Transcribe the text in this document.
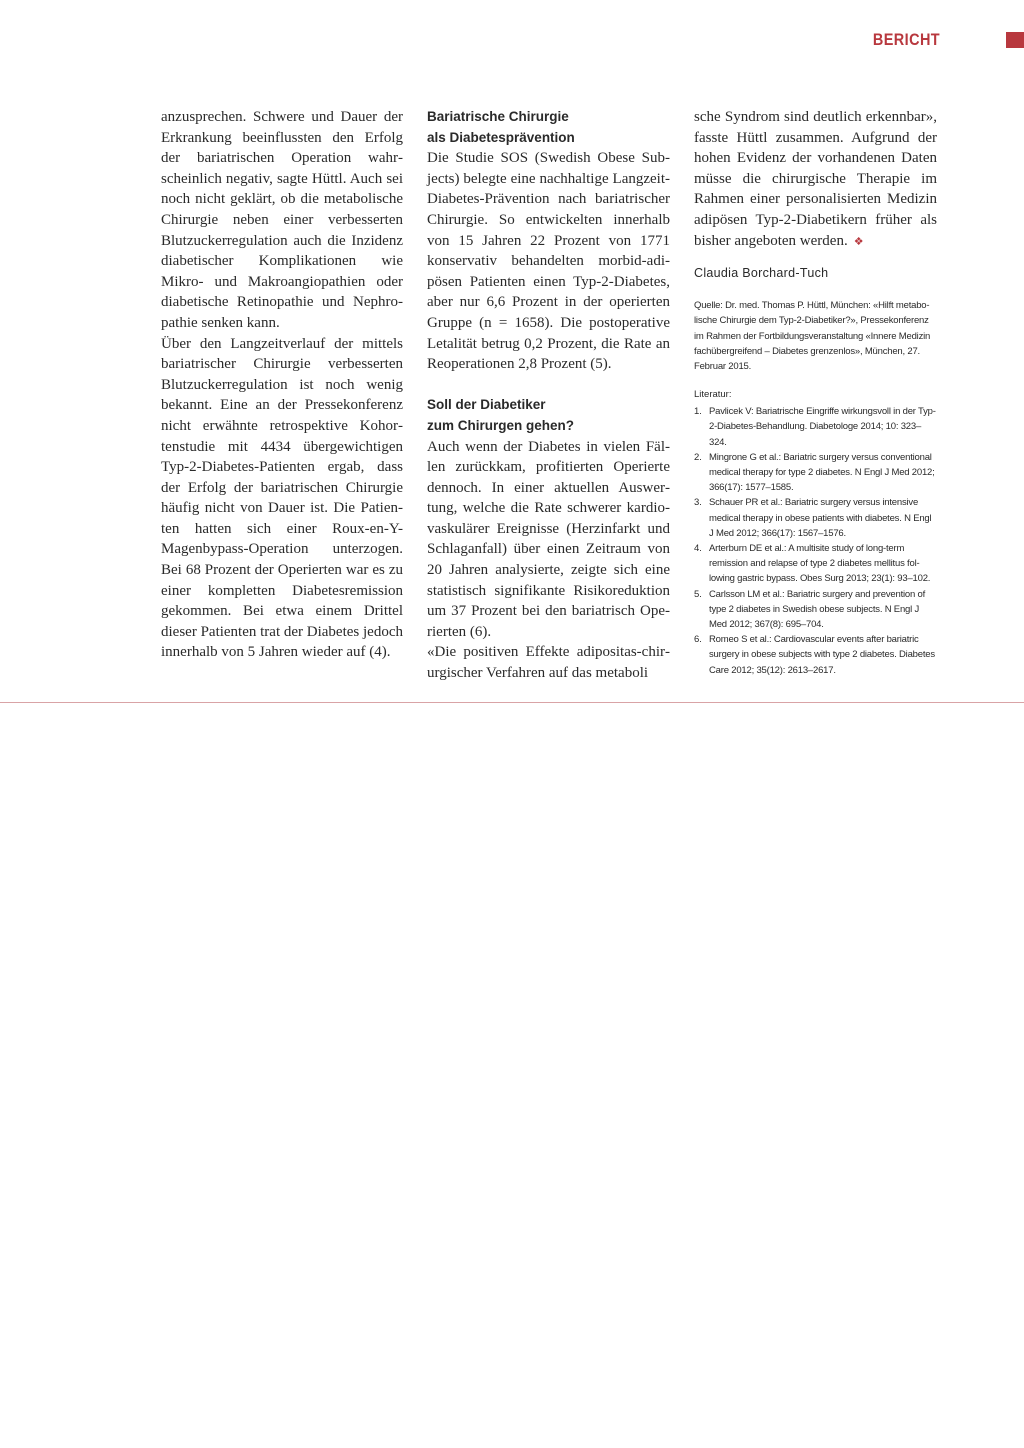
BERICHT

anzusprechen. Schwere und Dauer der Erkrankung beeinflussten den Erfolg der bariatrischen Operation wahrscheinlich negativ, sagte Hüttl. Auch sei noch nicht geklärt, ob die metabolische Chirurgie neben einer verbesserten Blutzuckerregulation auch die Inzidenz diabetischer Komplikationen wie Mikro- und Makroangiopathien oder diabetische Retinopathie und Nephropathie senken kann.

Über den Langzeitverlauf der mittels bariatrischer Chirurgie verbesserten Blutzuckerregulation ist noch wenig bekannt. Eine an der Pressekonferenz nicht erwähnte retrospektive Kohortenstudie mit 4434 übergewichtigen Typ-2-Diabetes-Patienten ergab, dass der Erfolg der bariatrischen Chirurgie häufig nicht von Dauer ist. Die Patienten hatten sich einer Roux-en-Y-Magenbypass-Operation unterzogen. Bei 68 Prozent der Operierten war es zu einer kompletten Diabetesremission gekommen. Bei etwa einem Drittel dieser Patienten trat der Diabetes jedoch innerhalb von 5 Jahren wieder auf (4).

Bariatrische Chirurgie
als Diabetesprävention

Die Studie SOS (Swedish Obese Subjects) belegte eine nachhaltige Langzeit-Diabetes-Prävention nach bariatrischer Chirurgie. So entwickelten innerhalb von 15 Jahren 22 Prozent von 1771 konservativ behandelten morbid-adipösen Patienten einen Typ-2-Diabetes, aber nur 6,6 Prozent in der operierten Gruppe (n = 1658). Die postoperative Letalität betrug 0,2 Prozent, die Rate an Reoperationen 2,8 Prozent (5).

Soll der Diabetiker
zum Chirurgen gehen?

Auch wenn der Diabetes in vielen Fällen zurückkam, profitierten Operierte dennoch. In einer aktuellen Auswertung, welche die Rate schwerer kardiovaskulärer Ereignisse (Herzinfarkt und Schlaganfall) über einen Zeitraum von 20 Jahren analysierte, zeigte sich eine statistisch signifikante Risikoreduktion um 37 Prozent bei den bariatrisch Operierten (6).

«Die positiven Effekte adipositas-chirurgischer Verfahren auf das metaboli

sche Syndrom sind deutlich erkennbar», fasste Hüttl zusammen. Aufgrund der hohen Evidenz der vorhandenen Daten müsse die chirurgische Therapie im Rahmen einer personalisierten Medizin adipösen Typ-2-Diabetikern früher als bisher angeboten werden. ❖

Claudia Borchard-Tuch
Quelle: Dr. med. Thomas P. Hüttl, München: «Hilft metabolische Chirurgie dem Typ-2-Diabetiker?», Pressekonferenz im Rahmen der Fortbildungsveranstaltung «Innere Medizin fachübergreifend – Diabetes grenzenlos», München, 27. Februar 2015.
Literatur:
1. Pavlicek V: Bariatrische Eingriffe wirkungsvoll in der Typ-2-Diabetes-Behandlung. Diabetologe 2014; 10: 323–324.
2. Mingrone G et al.: Bariatric surgery versus conventional medical therapy for type 2 diabetes. N Engl J Med 2012; 366(17): 1577–1585.
3. Schauer PR et al.: Bariatric surgery versus intensive medical therapy in obese patients with diabetes. N Engl J Med 2012; 366(17): 1567–1576.
4. Arterburn DE et al.: A multisite study of long-term remission and relapse of type 2 diabetes mellitus following gastric bypass. Obes Surg 2013; 23(1): 93–102.
5. Carlsson LM et al.: Bariatric surgery and prevention of type 2 diabetes in Swedish obese subjects. N Engl J Med 2012; 367(8): 695–704.
6. Romeo S et al.: Cardiovascular events after bariatric surgery in obese subjects with type 2 diabetes. Diabetes Care 2012; 35(12): 2613–2617.
